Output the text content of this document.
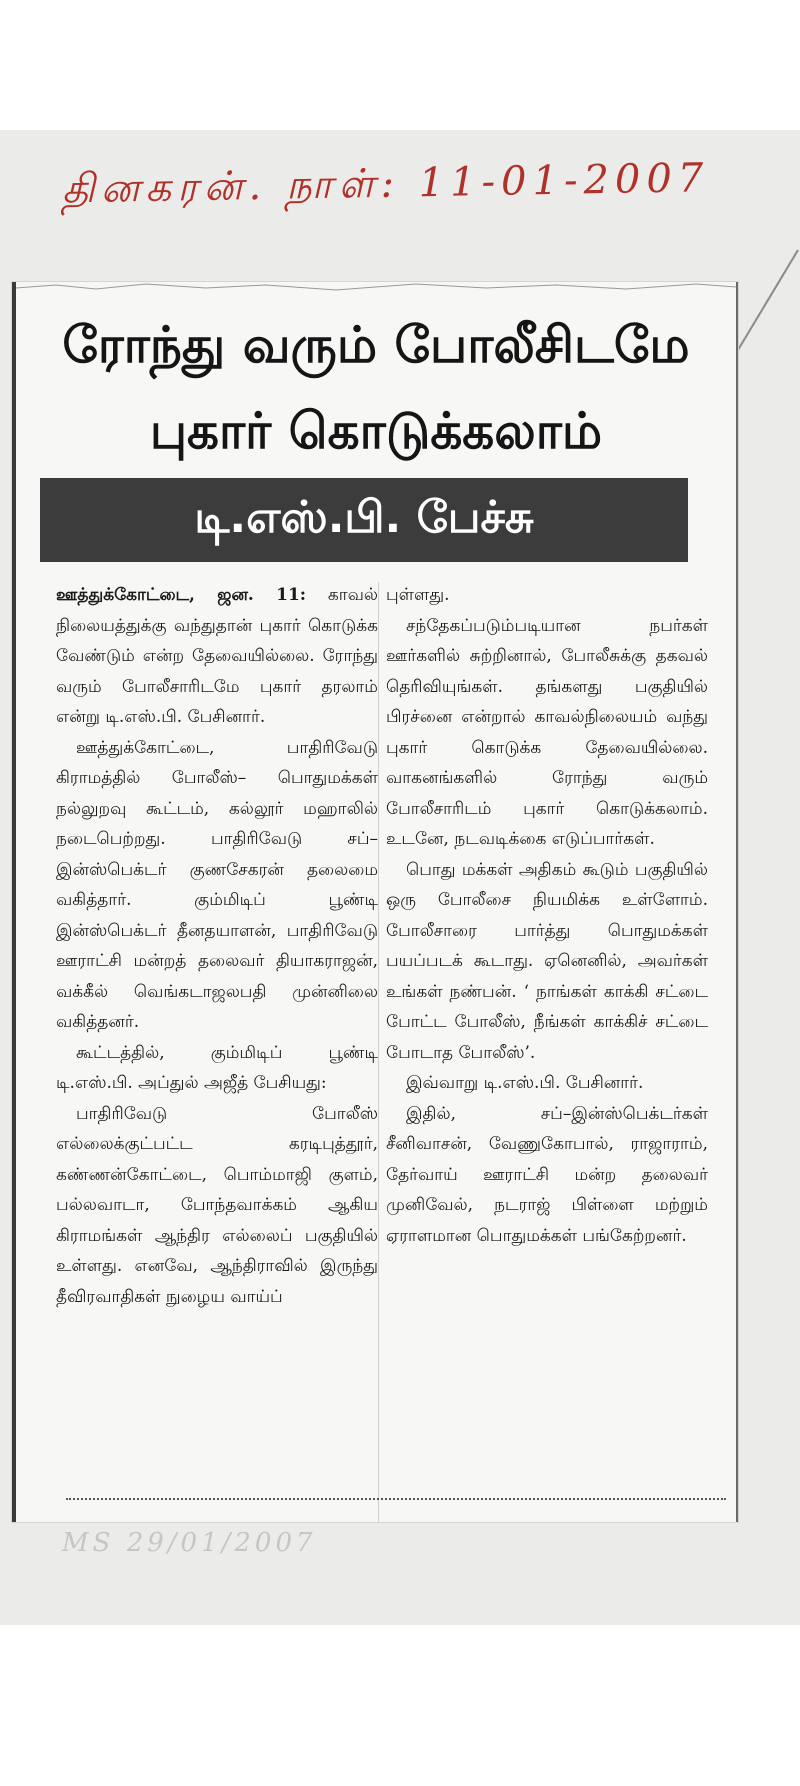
தினகரன். நாள்: 11-01-2007
ரோந்து வரும் போலீசிடமே
புகார் கொடுக்கலாம்
டி.எஸ்.பி. பேச்சு

ஊத்துக்கோட்டை, ஜன. 11: காவல் நிலையத்துக்கு வந்துதான் புகார் கொடுக்க வேண்டும் என்ற தேவையில்லை. ரோந்து வரும் போலீசாரிடமே புகார் தரலாம் என்று டி.எஸ்.பி. பேசினார்.

ஊத்துக்கோட்டை, பாதிரிவேடு கிராமத்தில் போலீஸ்– பொதுமக்கள் நல்லுறவு கூட்டம், கல்லூர் மஹாலில் நடைபெற்றது. பாதிரிவேடு சப்–இன்ஸ்பெக்டர் குணசேகரன் தலைமை வகித்தார். கும்மிடிப் பூண்டி இன்ஸ்பெக்டர் தீனதயாளன், பாதிரிவேடு ஊராட்சி மன்றத் தலைவர் தியாகராஜன், வக்கீல் வெங்கடாஜலபதி முன்னிலை வகித்தனர்.

கூட்டத்தில், கும்மிடிப் பூண்டி டி.எஸ்.பி. அப்துல் அஜீத் பேசியது:

பாதிரிவேடு போலீஸ் எல்லைக்குட்பட்ட கரடிபுத்தூர், கண்ணன்கோட்டை, பொம்மாஜி குளம், பல்லவாடா, போந்தவாக்கம் ஆகிய கிராமங்கள் ஆந்திர எல்லைப் பகுதியில் உள்ளது. எனவே, ஆந்திராவில் இருந்து தீவிரவாதிகள் நுழைய வாய்ப்

புள்ளது.

சந்தேகப்படும்படியான நபர்கள் ஊர்களில் சுற்றினால், போலீசுக்கு தகவல் தெரிவியுங்கள். தங்களது பகுதியில் பிரச்னை என்றால் காவல்நிலையம் வந்து புகார் கொடுக்க தேவையில்லை. வாகனங்களில் ரோந்து வரும் போலீசாரிடம் புகார் கொடுக்கலாம். உடனே, நடவடிக்கை எடுப்பார்கள்.

பொது மக்கள் அதிகம் கூடும் பகுதியில் ஒரு போலீசை நியமிக்க உள்ளோம். போலீசாரை பார்த்து பொதுமக்கள் பயப்படக் கூடாது. ஏனெனில், அவர்கள் உங்கள் நண்பன். ‘ நாங்கள் காக்கி சட்டை போட்ட போலீஸ், நீங்கள் காக்கிச் சட்டை போடாத போலீஸ்’.

இவ்வாறு டி.எஸ்.பி. பேசினார்.

இதில், சப்–இன்ஸ்பெக்டர்கள் சீனிவாசன், வேணுகோபால், ராஜாராம், தேர்வாய் ஊராட்சி மன்ற தலைவர் முனிவேல், நடராஜ் பிள்ளை மற்றும் ஏராளமான பொதுமக்கள் பங்கேற்றனர்.

MS 29/01/2007
